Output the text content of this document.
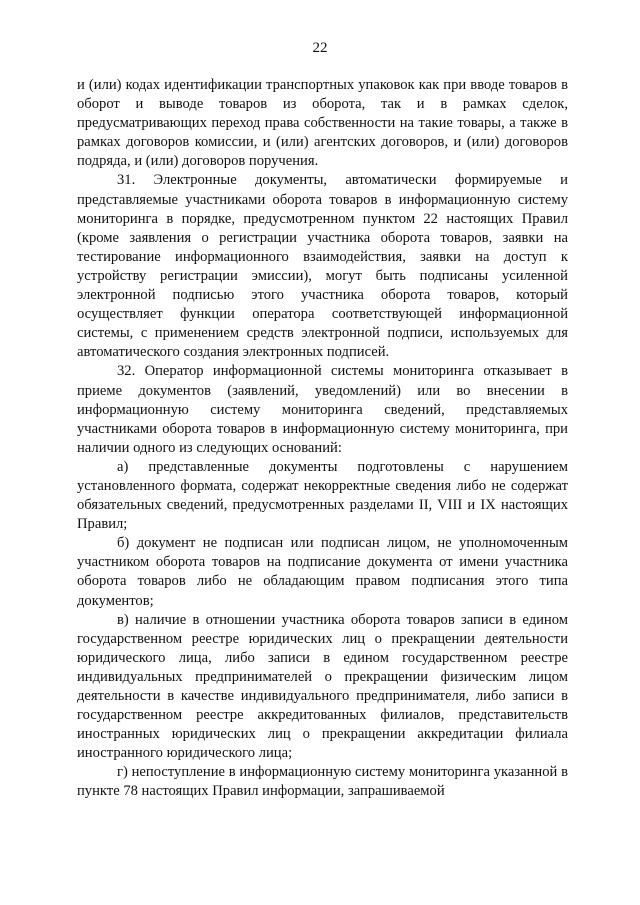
22

и (или) кодах идентификации транспортных упаковок как при вводе товаров в оборот и выводе товаров из оборота, так и в рамках сделок, предусматривающих переход права собственности на такие товары, а также в рамках договоров комиссии, и (или) агентских договоров, и (или) договоров подряда, и (или) договоров поручения.

31. Электронные документы, автоматически формируемые и представляемые участниками оборота товаров в информационную систему мониторинга в порядке, предусмотренном пунктом 22 настоящих Правил (кроме заявления о регистрации участника оборота товаров, заявки на тестирование информационного взаимодействия, заявки на доступ к устройству регистрации эмиссии), могут быть подписаны усиленной электронной подписью этого участника оборота товаров, который осуществляет функции оператора соответствующей информационной системы, с применением средств электронной подписи, используемых для автоматического создания электронных подписей.

32. Оператор информационной системы мониторинга отказывает в приеме документов (заявлений, уведомлений) или во внесении в информационную систему мониторинга сведений, представляемых участниками оборота товаров в информационную систему мониторинга, при наличии одного из следующих оснований:

а) представленные документы подготовлены с нарушением установленного формата, содержат некорректные сведения либо не содержат обязательных сведений, предусмотренных разделами II, VIII и IX настоящих Правил;

б) документ не подписан или подписан лицом, не уполномоченным участником оборота товаров на подписание документа от имени участника оборота товаров либо не обладающим правом подписания этого типа документов;

в) наличие в отношении участника оборота товаров записи в едином государственном реестре юридических лиц о прекращении деятельности юридического лица, либо записи в едином государственном реестре индивидуальных предпринимателей о прекращении физическим лицом деятельности в качестве индивидуального предпринимателя, либо записи в государственном реестре аккредитованных филиалов, представительств иностранных юридических лиц о прекращении аккредитации филиала иностранного юридического лица;

г) непоступление в информационную систему мониторинга указанной в пункте 78 настоящих Правил информации, запрашиваемой
